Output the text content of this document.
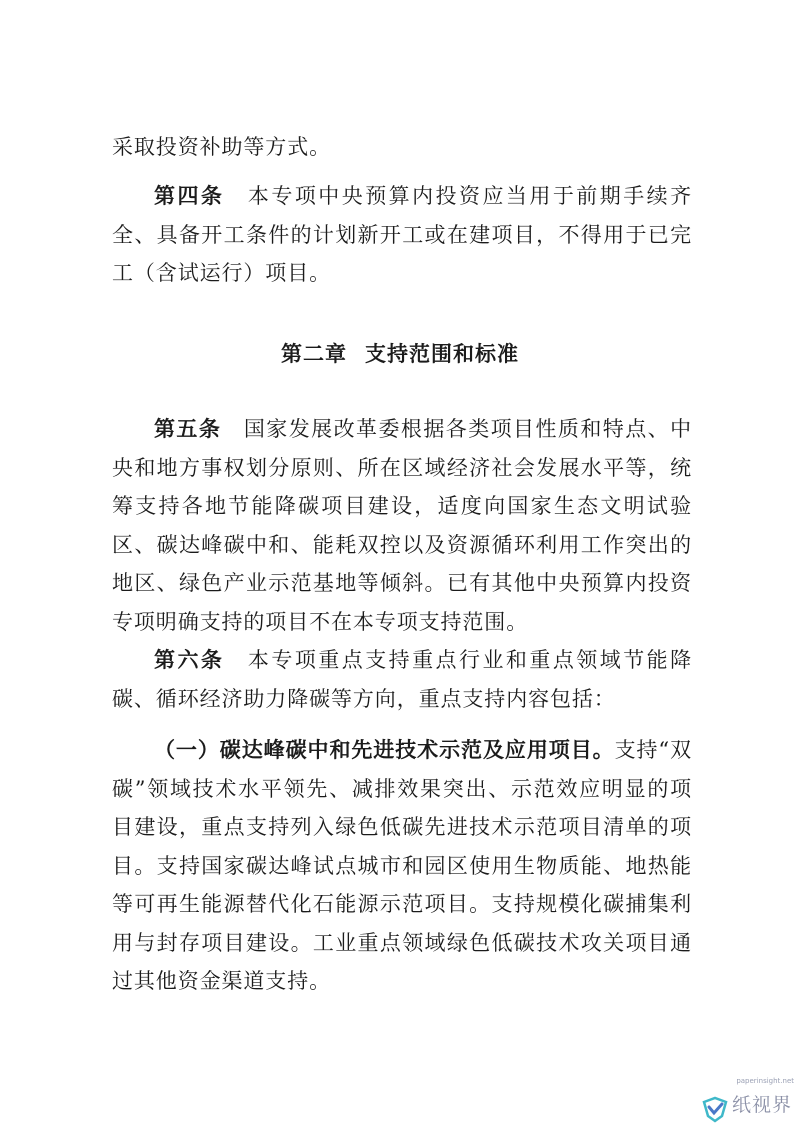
采取投资补助等方式。

第四条 本专项中央预算内投资应当用于前期手续齐全、具备开工条件的计划新开工或在建项目，不得用于已完工（含试运行）项目。

第二章 支持范围和标准

第五条 国家发展改革委根据各类项目性质和特点、中央和地方事权划分原则、所在区域经济社会发展水平等，统筹支持各地节能降碳项目建设，适度向国家生态文明试验区、碳达峰碳中和、能耗双控以及资源循环利用工作突出的地区、绿色产业示范基地等倾斜。已有其他中央预算内投资专项明确支持的项目不在本专项支持范围。

第六条 本专项重点支持重点行业和重点领域节能降碳、循环经济助力降碳等方向，重点支持内容包括：

（一）碳达峰碳中和先进技术示范及应用项目。支持“双碳”领域技术水平领先、减排效果突出、示范效应明显的项目建设，重点支持列入绿色低碳先进技术示范项目清单的项目。支持国家碳达峰试点城市和园区使用生物质能、地热能等可再生能源替代化石能源示范项目。支持规模化碳捕集利用与封存项目建设。工业重点领域绿色低碳技术攻关项目通过其他资金渠道支持。

paperinsight.net
纸视界
